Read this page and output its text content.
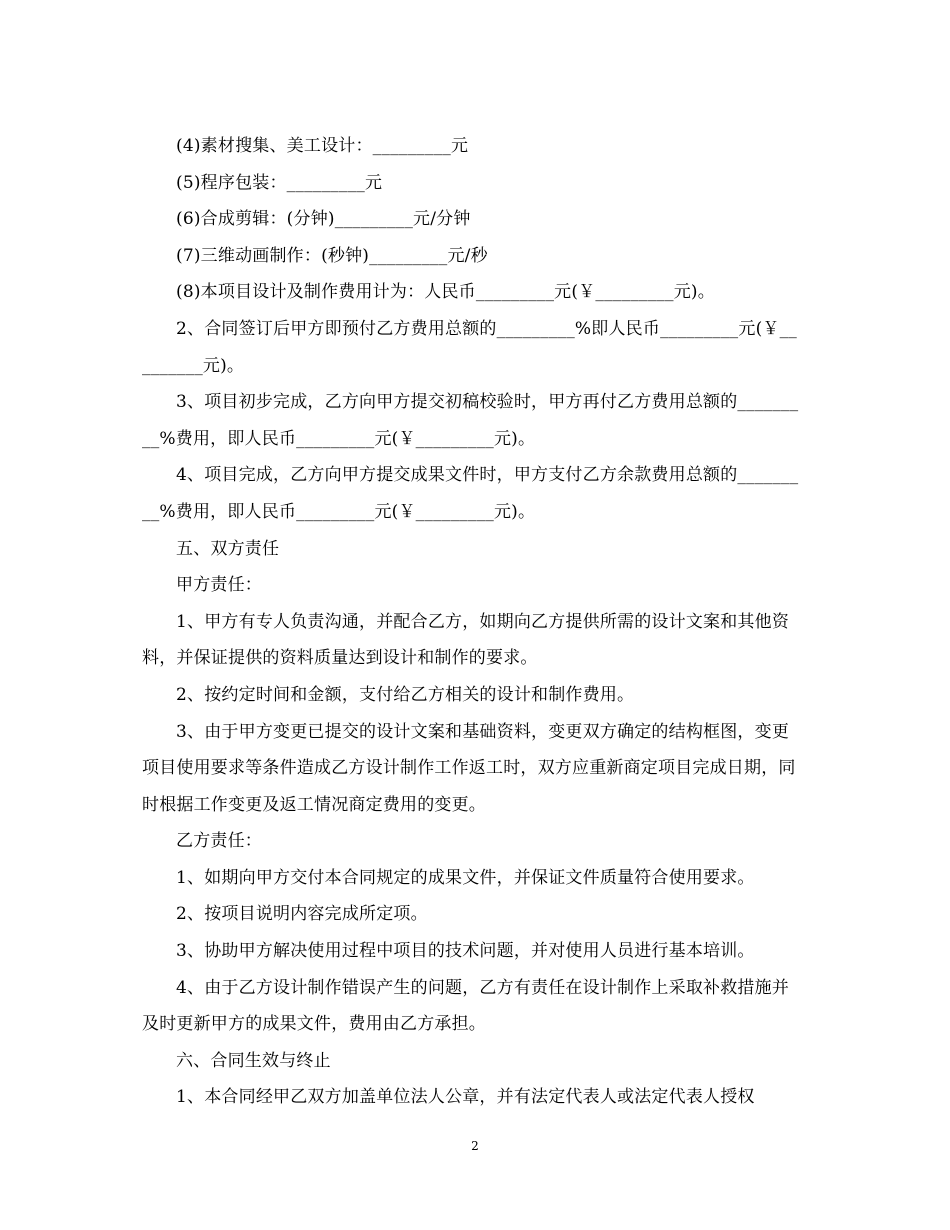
(4)素材搜集、美工设计：_________元

(5)程序包装：_________元

(6)合成剪辑：(分钟)_________元/分钟

(7)三维动画制作：(秒钟)_________元/秒

(8)本项目设计及制作费用计为：人民币_________元(￥_________元)。

2、合同签订后甲方即预付乙方费用总额的_________%即人民币_________元(￥_________元)。

3、项目初步完成，乙方向甲方提交初稿校验时，甲方再付乙方费用总额的_________%费用，即人民币_________元(￥_________元)。

4、项目完成，乙方向甲方提交成果文件时，甲方支付乙方余款费用总额的_________%费用，即人民币_________元(￥_________元)。

五、双方责任

甲方责任：

1、甲方有专人负责沟通，并配合乙方，如期向乙方提供所需的设计文案和其他资料，并保证提供的资料质量达到设计和制作的要求。

2、按约定时间和金额，支付给乙方相关的设计和制作费用。

3、由于甲方变更已提交的设计文案和基础资料，变更双方确定的结构框图，变更项目使用要求等条件造成乙方设计制作工作返工时，双方应重新商定项目完成日期，同时根据工作变更及返工情况商定费用的变更。

乙方责任：

1、如期向甲方交付本合同规定的成果文件，并保证文件质量符合使用要求。

2、按项目说明内容完成所定项。

3、协助甲方解决使用过程中项目的技术问题，并对使用人员进行基本培训。

4、由于乙方设计制作错误产生的问题，乙方有责任在设计制作上采取补救措施并及时更新甲方的成果文件，费用由乙方承担。

六、合同生效与终止

1、本合同经甲乙双方加盖单位法人公章，并有法定代表人或法定代表人授权

2
